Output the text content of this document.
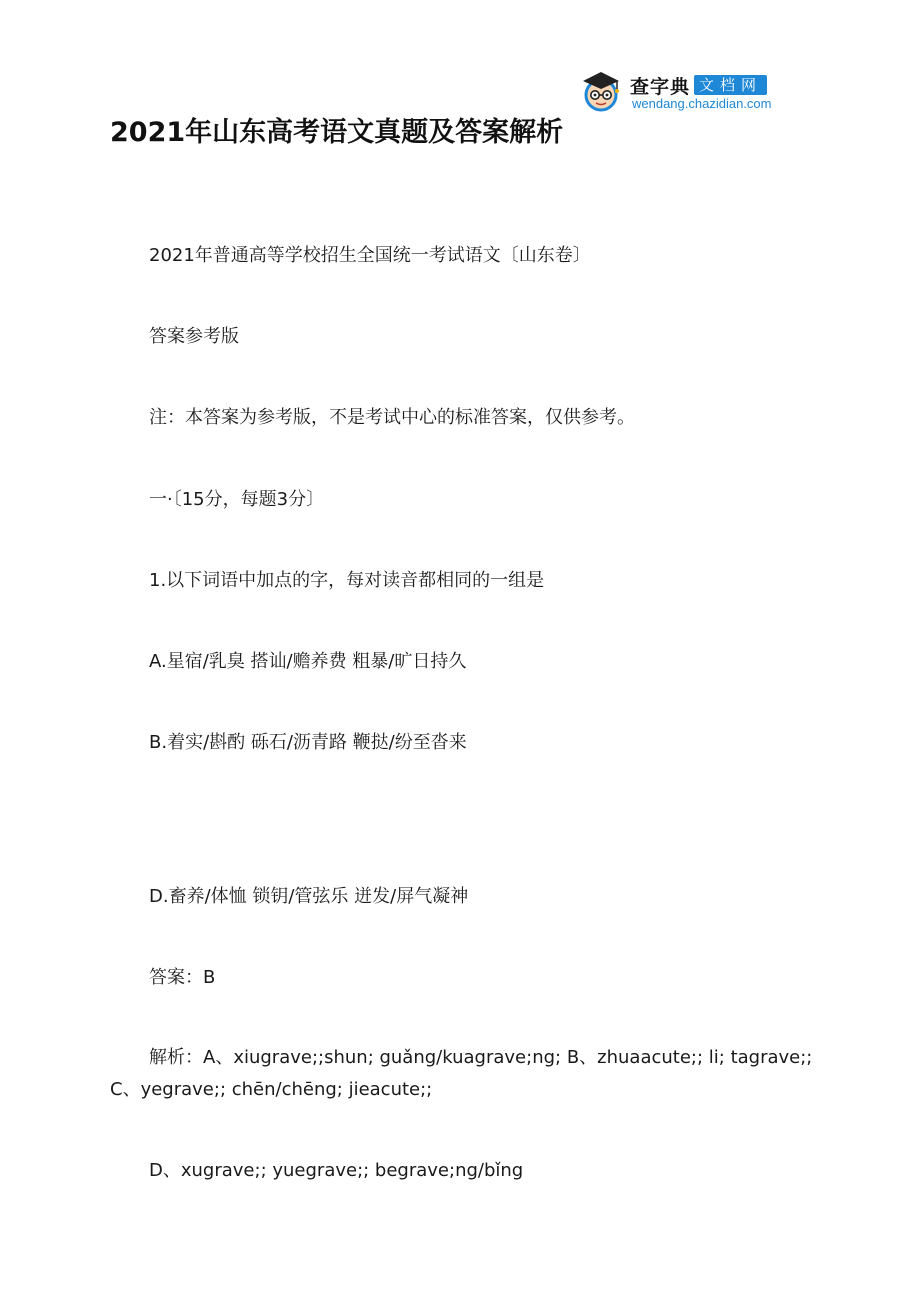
查字典 文档网
wendang.chazidian.com
2021年山东高考语文真题及答案解析

2021年普通高等学校招生全国统一考试语文〔山东卷〕

答案参考版

注：本答案为参考版，不是考试中心的标准答案，仅供参考。

一·〔15分，每题3分〕

1.以下词语中加点的字，每对读音都相同的一组是

A.星宿/乳臭 搭讪/赡养费 粗暴/旷日持久

B.着实/斟酌 砾石/沥青路 鞭挞/纷至沓来

D.畜养/体恤 锁钥/管弦乐 迸发/屏气凝神

答案：B

解析：A、xiugrave;;shun; guǎng/kuagrave;ng; B、zhuaacute;; li; tagrave;;
C、yegrave;; chēn/chēng; jieacute;;

D、xugrave;; yuegrave;; begrave;ng/bǐng
